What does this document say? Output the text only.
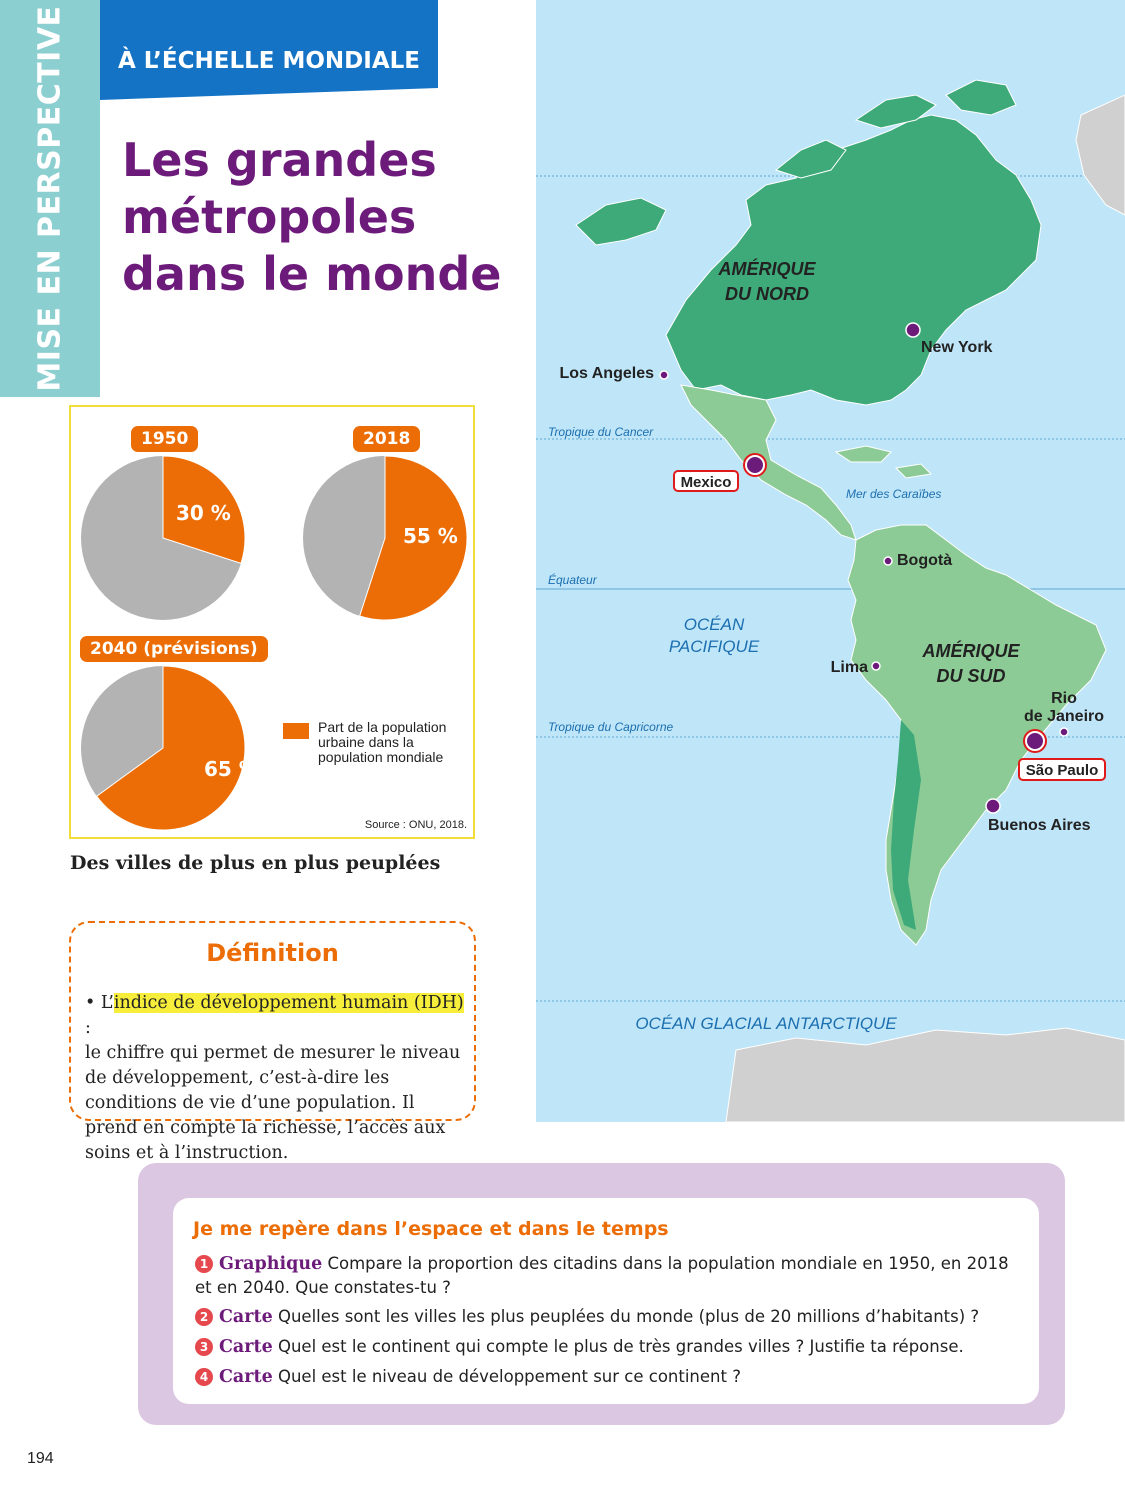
MISE EN PERSPECTIVE À L’ÉCHELLE MONDIALE
Les grandes
métropoles
dans le monde
1950	2018
2040 (prévisions)
30 %
55 %
65 %
Part de la population urbaine dans la population mondiale
Source : ONU, 2018.
Des villes de plus en plus peuplées
Définition
• L’indice de développement humain (IDH) :
le chiffre qui permet de mesurer le niveau de développement, c’est-à-dire les conditions de vie d’une population. Il prend en compte la richesse, l’accès aux soins et à l’instruction.
Tropique du Cancer
Équateur
Tropique du Capricorne
OCÉAN
PACIFIQUE
OCÉAN GLACIAL ANTARCTIQUE
Mer des Caraïbes
AMÉRIQUE
DU NORD
AMÉRIQUE
DU SUD
New York
Los Angeles
Mexico
Bogotà
Lima
Rio
de Janeiro
São Paulo
Buenos Aires
Je me repère dans l’espace et dans le temps
1 Graphique Compare la proportion des citadins dans la population mondiale en 1950, en 2018 et en 2040. Que constates-tu ?
2 Carte Quelles sont les villes les plus peuplées du monde (plus de 20 millions d’habitants) ?
3 Carte Quel est le continent qui compte le plus de très grandes villes ? Justifie ta réponse.
4 Carte Quel est le niveau de développement sur ce continent ?
194
